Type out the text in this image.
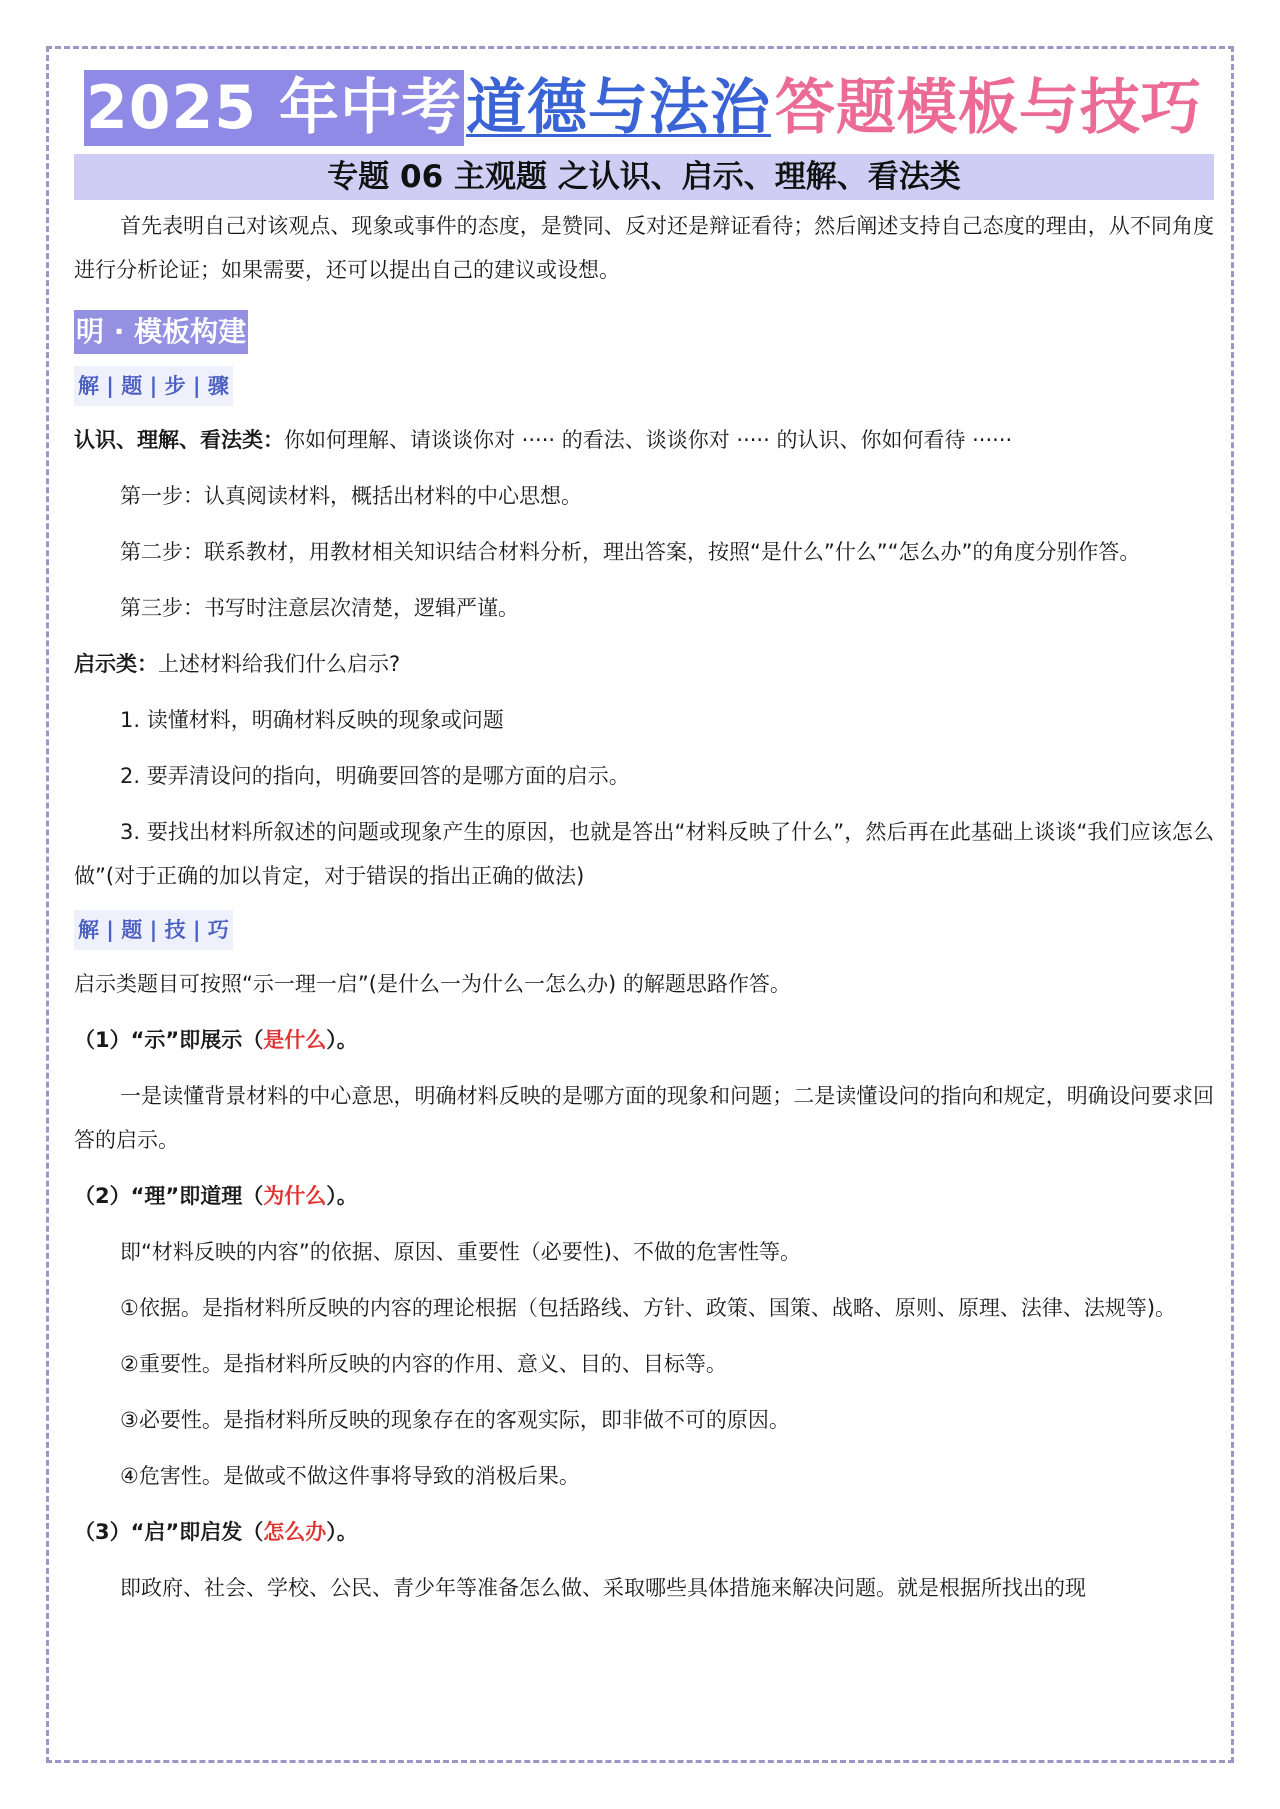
2025 年中考道德与法治答题模板与技巧
专题 06 主观题 之认识、启示、理解、看法类

首先表明自己对该观点、现象或事件的态度，是赞同、反对还是辩证看待；然后阐述支持自己态度的理由，从不同角度进行分析论证；如果需要，还可以提出自己的建议或设想。

明 · 模板构建
解 | 题 | 步 | 骤

认识、理解、看法类：你如何理解、请谈谈你对 ····· 的看法、谈谈你对 ····· 的认识、你如何看待 ······

第一步：认真阅读材料，概括出材料的中心思想。

第二步：联系教材，用教材相关知识结合材料分析，理出答案，按照“是什么”什么”“怎么办”的角度分别作答。

第三步：书写时注意层次清楚，逻辑严谨。

启示类：上述材料给我们什么启示?

1. 读懂材料，明确材料反映的现象或问题

2. 要弄清设问的指向，明确要回答的是哪方面的启示。

3. 要找出材料所叙述的问题或现象产生的原因，也就是答出“材料反映了什么”，然后再在此基础上谈谈“我们应该怎么做”(对于正确的加以肯定，对于错误的指出正确的做法)

解 | 题 | 技 | 巧

启示类题目可按照“示一理一启”(是什么一为什么一怎么办) 的解题思路作答。

（1）“示”即展示（是什么）。

一是读懂背景材料的中心意思，明确材料反映的是哪方面的现象和问题；二是读懂设问的指向和规定，明确设问要求回答的启示。

（2）“理”即道理（为什么）。

即“材料反映的内容”的依据、原因、重要性（必要性)、不做的危害性等。

①依据。是指材料所反映的内容的理论根据（包括路线、方针、政策、国策、战略、原则、原理、法律、法规等)。

②重要性。是指材料所反映的内容的作用、意义、目的、目标等。

③必要性。是指材料所反映的现象存在的客观实际，即非做不可的原因。

④危害性。是做或不做这件事将导致的消极后果。

（3）“启”即启发（怎么办）。

即政府、社会、学校、公民、青少年等准备怎么做、采取哪些具体措施来解决问题。就是根据所找出的现
